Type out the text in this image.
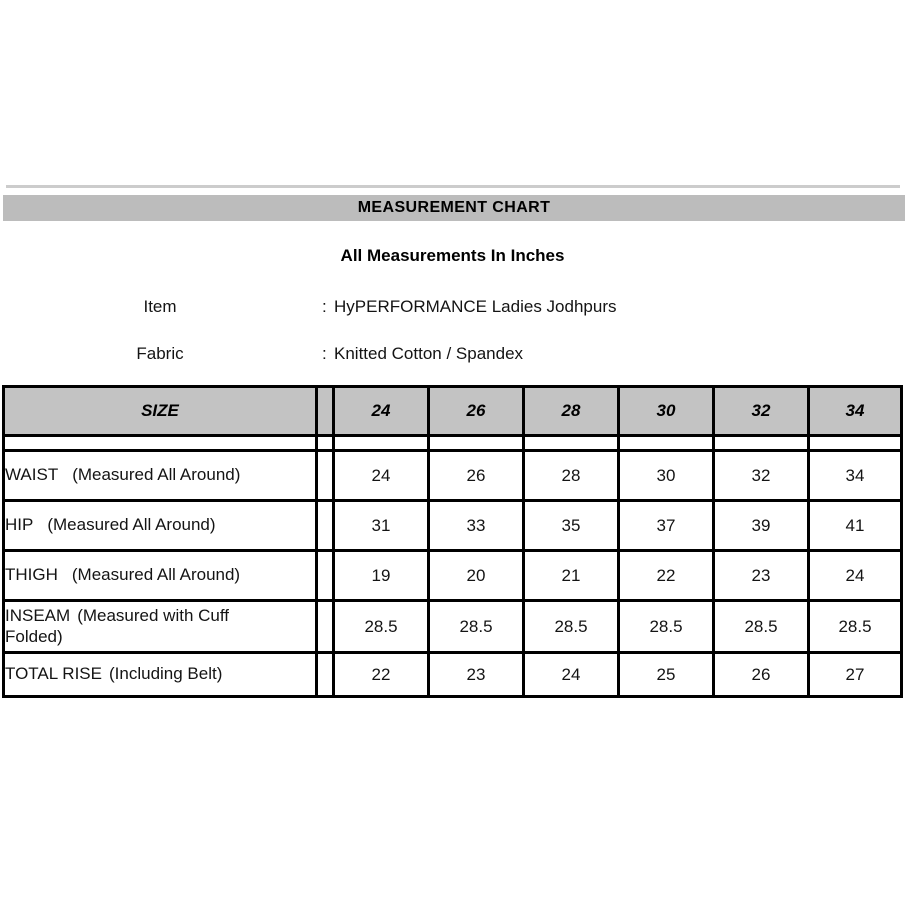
MEASUREMENT CHART
All Measurements In Inches
Item	: HyPERFORMANCE Ladies Jodhpurs
Fabric	: Knitted Cotton / Spandex
SIZE		24	26	28	30	32	34

WAIST (Measured All Around)		24	26	28	30	32	34

HIP (Measured All Around)		31	33	35	37	39	41

THIGH (Measured All Around)		19	20	21	22	23	24

INSEAM (Measured with Cuff Folded)		28.5	28.5	28.5	28.5	28.5	28.5

TOTAL RISE (Including Belt)		22	23	24	25	26	27
